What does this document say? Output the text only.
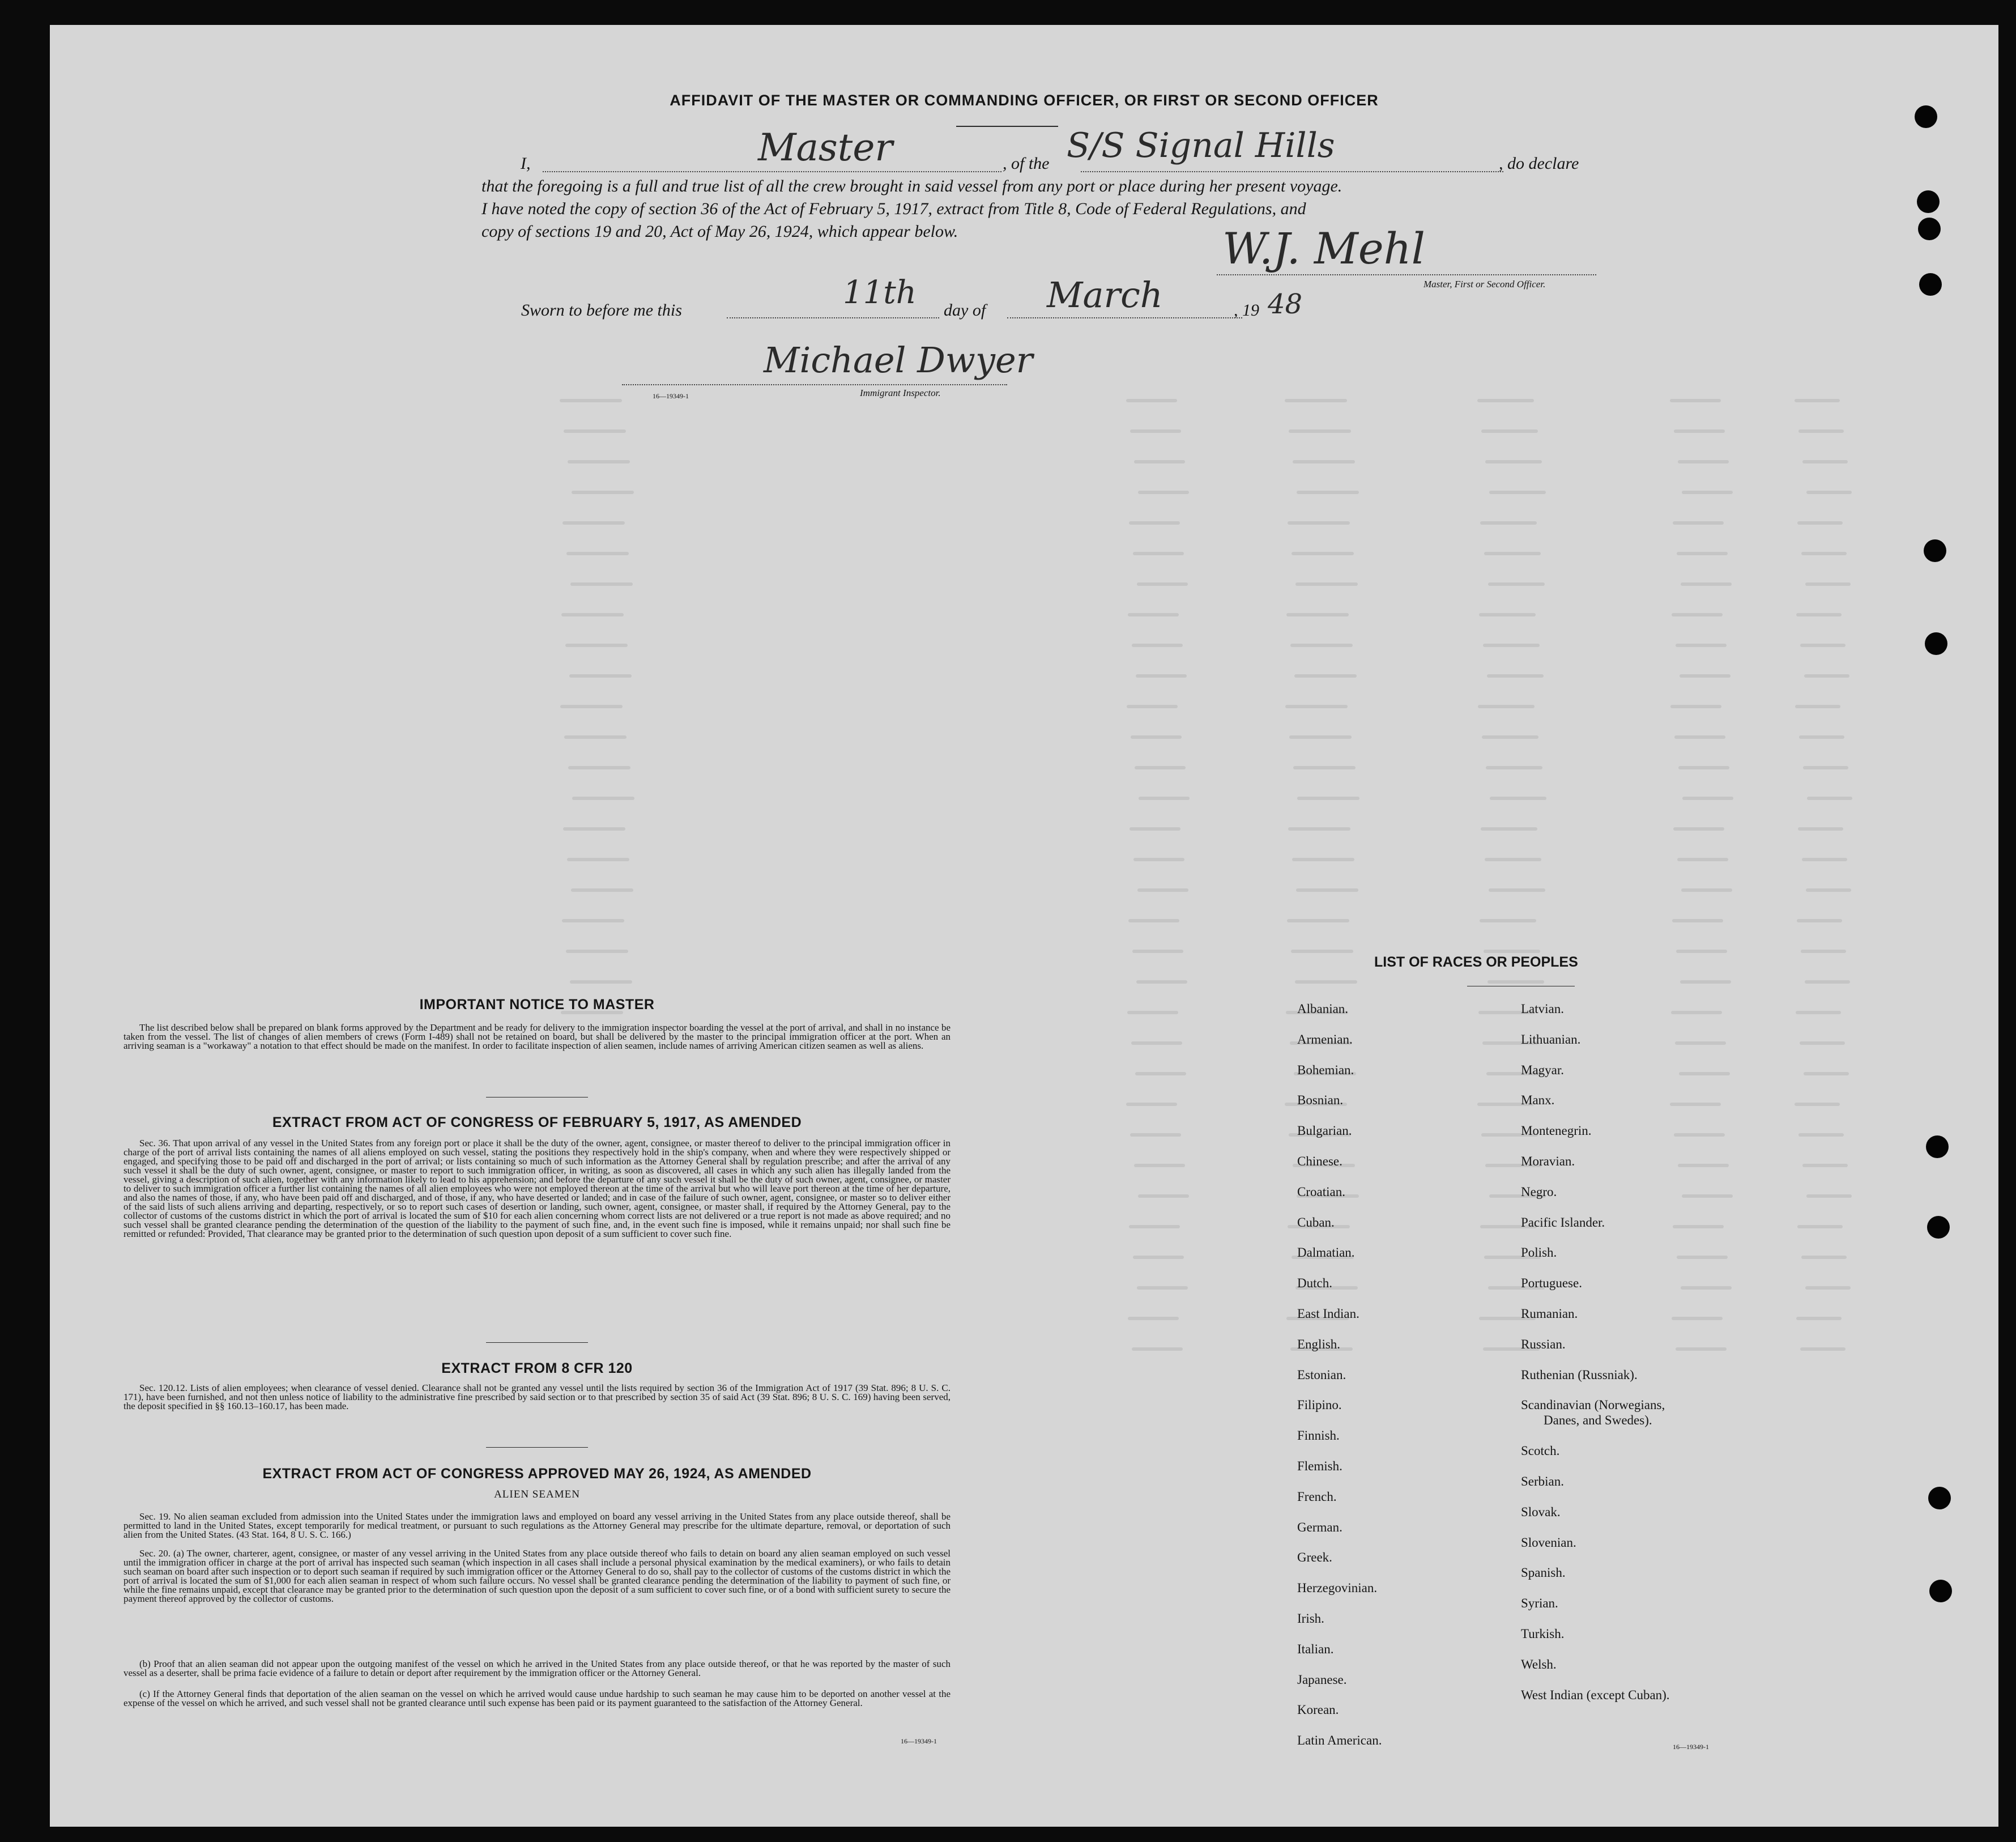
AFFIDAVIT OF THE MASTER OR COMMANDING OFFICER, OR FIRST OR SECOND OFFICER
I,	Master	, of the S/S Signal Hills	, do declare
that the foregoing is a full and true list of all the crew brought in said vessel from any port or place during her present voyage.
I have noted the copy of section 36 of the Act of February 5, 1917, extract from Title 8, Code of Federal Regulations, and
copy of sections 19 and 20, Act of May 26, 1924, which appear below.	W.J. Mehl
Master, First or Second Officer.
Sworn to before me this	11th day of March	, 19 48
Michael Dwyer
Immigrant Inspector.
16—19349-1
IMPORTANT NOTICE TO MASTER
The list described below shall be prepared on blank forms approved by the Department and be ready for delivery to the immigration inspector boarding the vessel at the port of arrival, and shall in no instance be taken from the vessel. The list of changes of alien members of crews (Form I-489) shall not be retained on board, but shall be delivered by the master to the principal immigration officer at the port. When an arriving seaman is a "workaway" a notation to that effect should be made on the manifest. In order to facilitate inspection of alien seamen, include names of arriving American citizen seamen as well as aliens.
EXTRACT FROM ACT OF CONGRESS OF FEBRUARY 5, 1917, AS AMENDED
Sec. 36. That upon arrival of any vessel in the United States from any foreign port or place it shall be the duty of the owner, agent, consignee, or master thereof to deliver to the principal immigration officer in charge of the port of arrival lists containing the names of all aliens employed on such vessel, stating the positions they respectively hold in the ship's company, when and where they were respectively shipped or engaged, and specifying those to be paid off and discharged in the port of arrival; or lists containing so much of such information as the Attorney General shall by regulation prescribe; and after the arrival of any such vessel it shall be the duty of such owner, agent, consignee, or master to report to such immigration officer, in writing, as soon as discovered, all cases in which any such alien has illegally landed from the vessel, giving a description of such alien, together with any information likely to lead to his apprehension; and before the departure of any such vessel it shall be the duty of such owner, agent, consignee, or master to deliver to such immigration officer a further list containing the names of all alien employees who were not employed thereon at the time of the arrival but who will leave port thereon at the time of her departure, and also the names of those, if any, who have been paid off and discharged, and of those, if any, who have deserted or landed; and in case of the failure of such owner, agent, consignee, or master so to deliver either of the said lists of such aliens arriving and departing, respectively, or so to report such cases of desertion or landing, such owner, agent, consignee, or master shall, if required by the Attorney General, pay to the collector of customs of the customs district in which the port of arrival is located the sum of $10 for each alien concerning whom correct lists are not delivered or a true report is not made as above required; and no such vessel shall be granted clearance pending the determination of the question of the liability to the payment of such fine, and, in the event such fine is imposed, while it remains unpaid; nor shall such fine be remitted or refunded: Provided, That clearance may be granted prior to the determination of such question upon deposit of a sum sufficient to cover such fine.
EXTRACT FROM 8 CFR 120
Sec. 120.12. Lists of alien employees; when clearance of vessel denied. Clearance shall not be granted any vessel until the lists required by section 36 of the Immigration Act of 1917 (39 Stat. 896; 8 U. S. C. 171), have been furnished, and not then unless notice of liability to the administrative fine prescribed by said section or to that prescribed by section 35 of said Act (39 Stat. 896; 8 U. S. C. 169) having been served, the deposit specified in §§ 160.13–160.17, has been made.
EXTRACT FROM ACT OF CONGRESS APPROVED MAY 26, 1924, AS AMENDED
ALIEN SEAMEN
Sec. 19. No alien seaman excluded from admission into the United States under the immigration laws and employed on board any vessel arriving in the United States from any place outside thereof, shall be permitted to land in the United States, except temporarily for medical treatment, or pursuant to such regulations as the Attorney General may prescribe for the ultimate departure, removal, or deportation of such alien from the United States. (43 Stat. 164, 8 U. S. C. 166.)
Sec. 20. (a) The owner, charterer, agent, consignee, or master of any vessel arriving in the United States from any place outside thereof who fails to detain on board any alien seaman employed on such vessel until the immigration officer in charge at the port of arrival has inspected such seaman (which inspection in all cases shall include a personal physical examination by the medical examiners), or who fails to detain such seaman on board after such inspection or to deport such seaman if required by such immigration officer or the Attorney General to do so, shall pay to the collector of customs of the customs district in which the port of arrival is located the sum of $1,000 for each alien seaman in respect of whom such failure occurs. No vessel shall be granted clearance pending the determination of the liability to payment of such fine, or while the fine remains unpaid, except that clearance may be granted prior to the determination of such question upon the deposit of a sum sufficient to cover such fine, or of a bond with sufficient surety to secure the payment thereof approved by the collector of customs.
(b) Proof that an alien seaman did not appear upon the outgoing manifest of the vessel on which he arrived in the United States from any place outside thereof, or that he was reported by the master of such vessel as a deserter, shall be prima facie evidence of a failure to detain or deport after requirement by the immigration officer or the Attorney General.
(c) If the Attorney General finds that deportation of the alien seaman on the vessel on which he arrived would cause undue hardship to such seaman he may cause him to be deported on another vessel at the expense of the vessel on which he arrived, and such vessel shall not be granted clearance until such expense has been paid or its payment guaranteed to the satisfaction of the Attorney General.
16—19349-1
LIST OF RACES OR PEOPLES
Albanian.
Armenian.
Bohemian.
Bosnian.
Bulgarian.
Chinese.
Croatian.
Cuban.
Dalmatian.
Dutch.
East Indian.
English.
Estonian.
Filipino.
Finnish.
Flemish.
French.
German.
Greek.
Herzegovinian.
Irish.
Italian.
Japanese.
Korean.
Latin American.
Latvian.
Lithuanian.
Magyar.
Manx.
Montenegrin.
Moravian.
Negro.
Pacific Islander.
Polish.
Portuguese.
Rumanian.
Russian.
Ruthenian (Russniak).
Scandinavian (Norwegians,
Danes, and Swedes).
Scotch.
Serbian.
Slovak.
Slovenian.
Spanish.
Syrian.
Turkish.
Welsh.
West Indian (except Cuban).
16—19349-1
